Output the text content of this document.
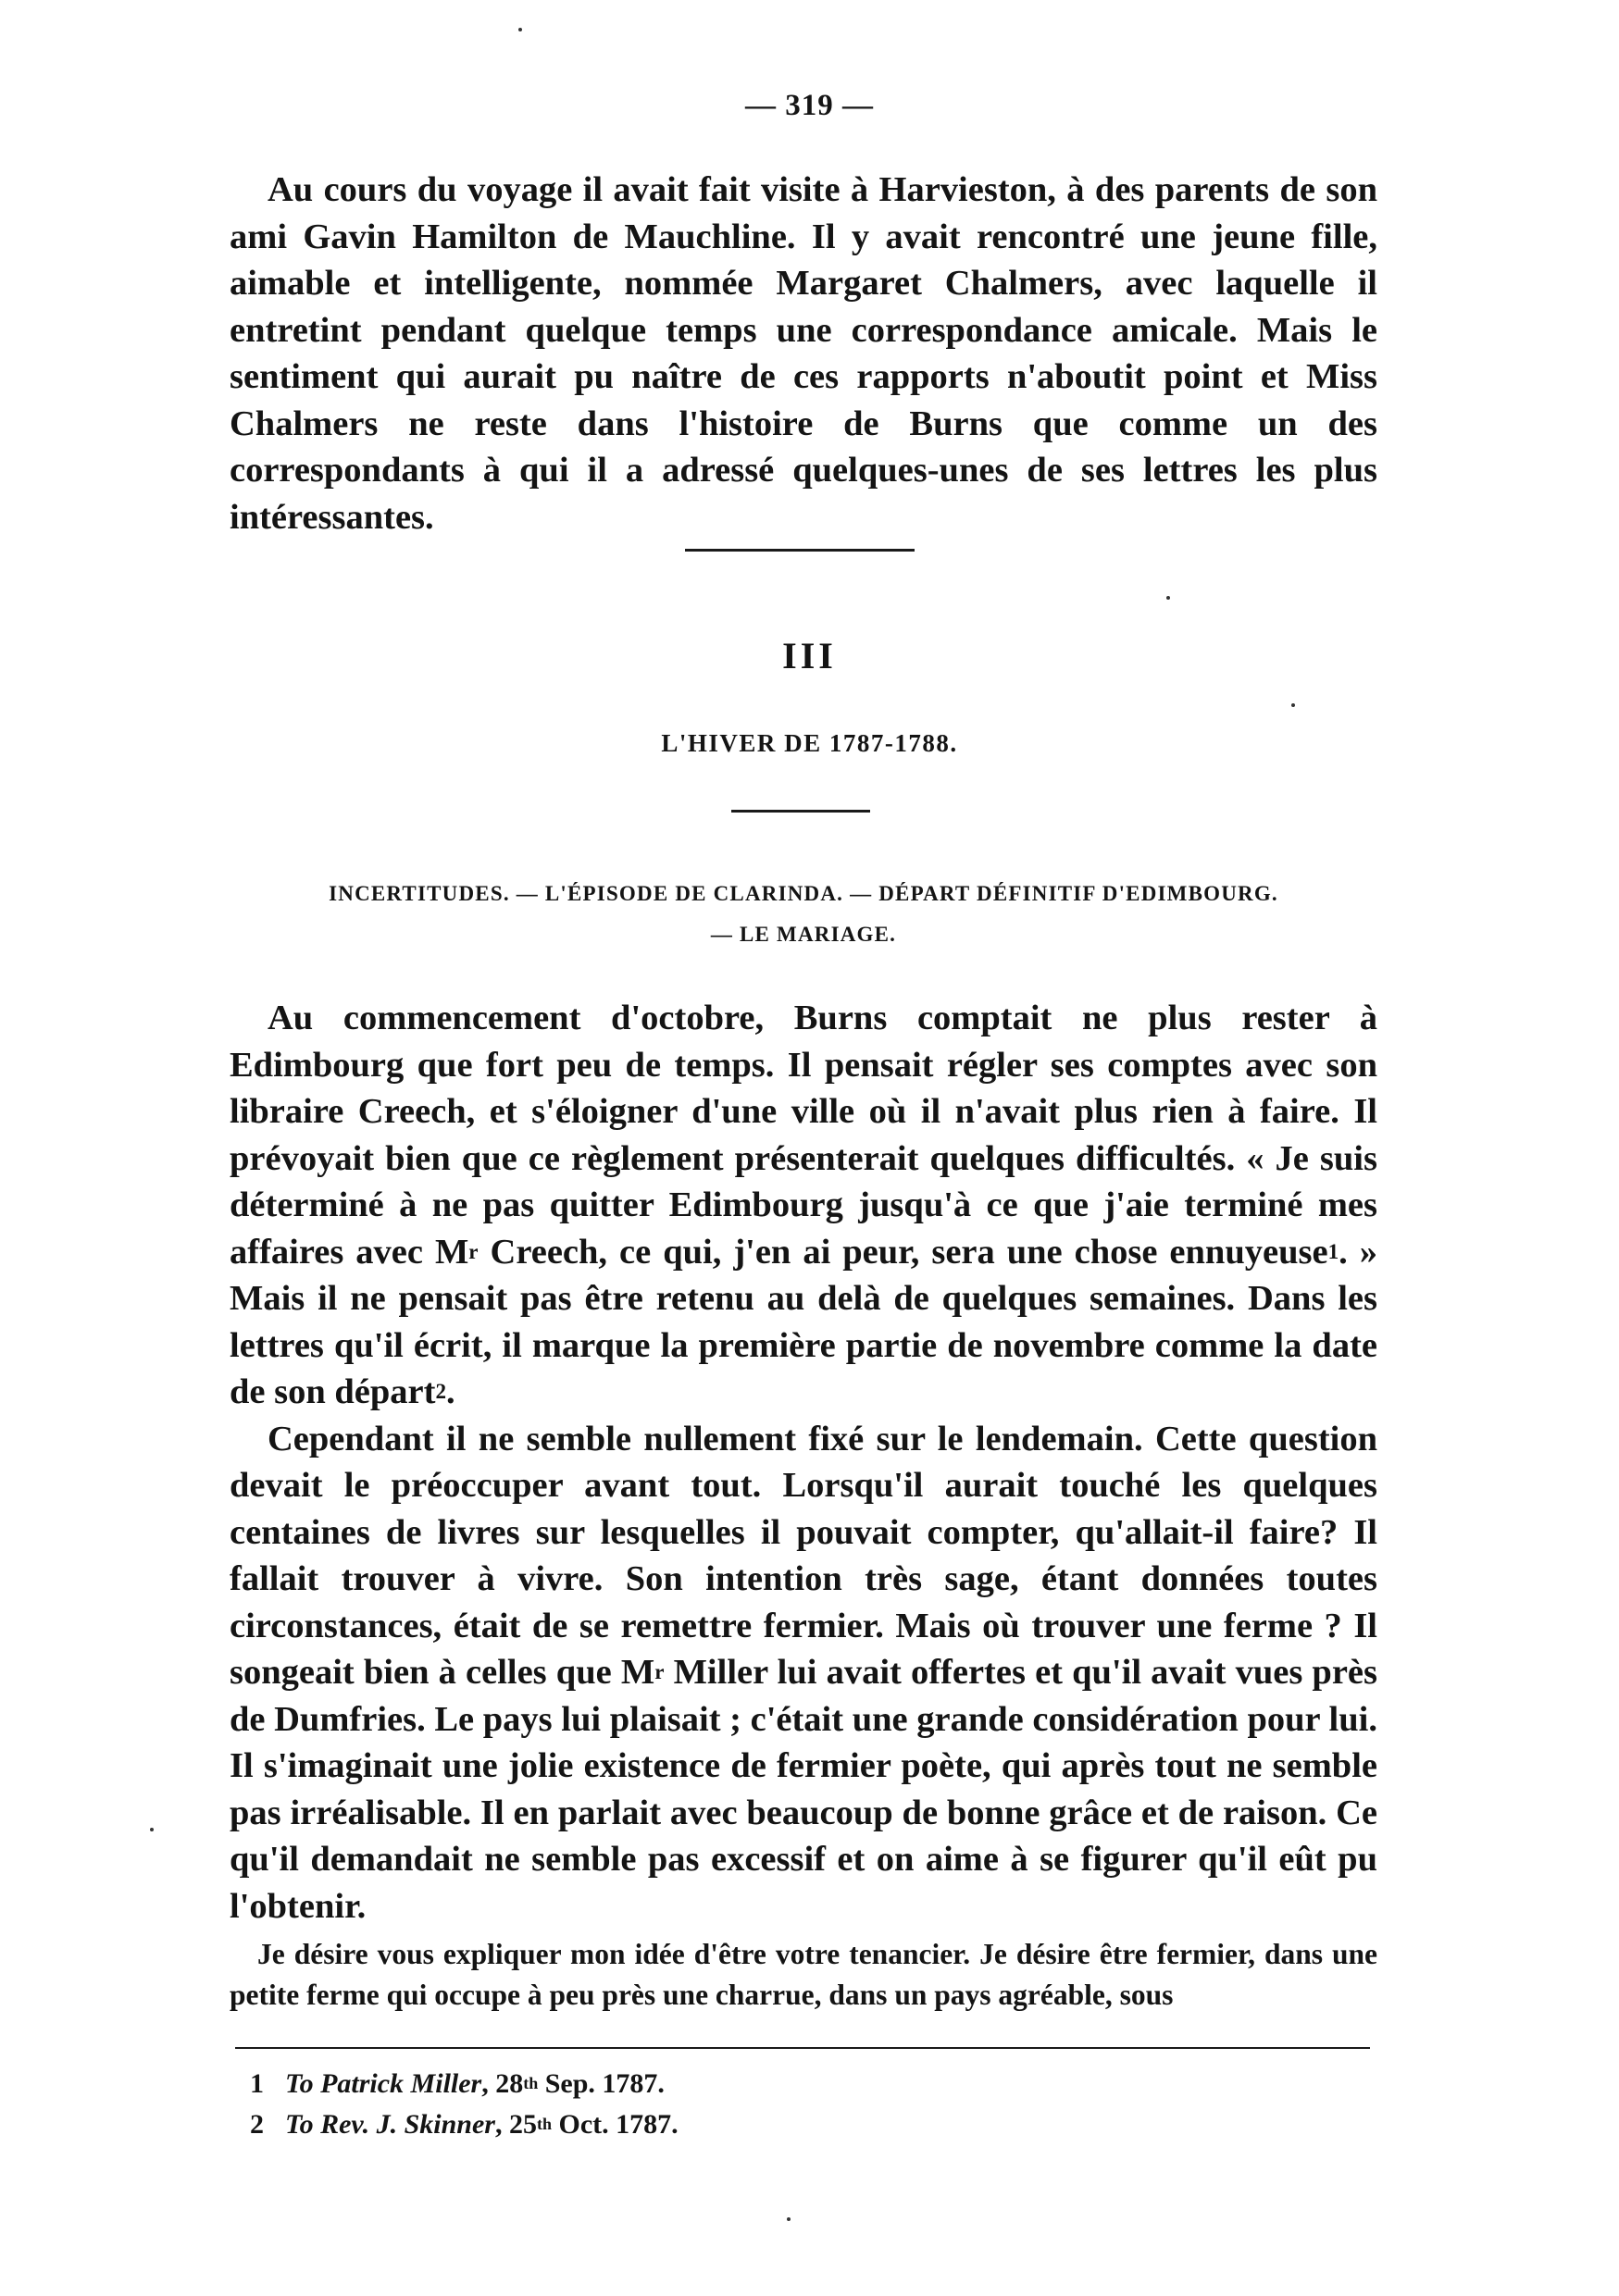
— 319 —

Au cours du voyage il avait fait visite à Harvieston, à des parents de son ami Gavin Hamilton de Mauchline. Il y avait rencontré une jeune fille, aimable et intelligente, nommée Margaret Chalmers, avec laquelle il entretint pendant quelque temps une correspondance amicale. Mais le sentiment qui aurait pu naître de ces rapports n'aboutit point et Miss Chalmers ne reste dans l'histoire de Burns que comme un des correspondants à qui il a adressé quelques-unes de ses lettres les plus intéressantes.

III
L'HIVER DE 1787-1788.
INCERTITUDES. — L'ÉPISODE DE CLARINDA. — DÉPART DÉFINITIF D'EDIMBOURG.
— LE MARIAGE.

Au commencement d'octobre, Burns comptait ne plus rester à Edimbourg que fort peu de temps. Il pensait régler ses comptes avec son libraire Creech, et s'éloigner d'une ville où il n'avait plus rien à faire. Il prévoyait bien que ce règlement présenterait quelques difficultés. « Je suis déterminé à ne pas quitter Edimbourg jusqu'à ce que j'aie terminé mes affaires avec $M^r$ Creech, ce qui, j'en ai peur, sera une chose ennuyeuse$^1$. » Mais il ne pensait pas être retenu au delà de quelques semaines. Dans les lettres qu'il écrit, il marque la première partie de novembre comme la date de son départ$^2$.

Cependant il ne semble nullement fixé sur le lendemain. Cette question devait le préoccuper avant tout. Lorsqu'il aurait touché les quelques centaines de livres sur lesquelles il pouvait compter, qu'allait-il faire? Il fallait trouver à vivre. Son intention très sage, étant données toutes circonstances, était de se remettre fermier. Mais où trouver une ferme ? Il songeait bien à celles que $M^r$ Miller lui avait offertes et qu'il avait vues près de Dumfries. Le pays lui plaisait ; c'était une grande considération pour lui. Il s'imaginait une jolie existence de fermier poète, qui après tout ne semble pas irréalisable. Il en parlait avec beaucoup de bonne grâce et de raison. Ce qu'il demandait ne semble pas excessif et on aime à se figurer qu'il eût pu l'obtenir.

Je désire vous expliquer mon idée d'être votre tenancier. Je désire être fermier, dans une petite ferme qui occupe à peu près une charrue, dans un pays agréable, sous
1 To Patrick Miller, 28th Sep. 1787.
2 To Rev. J. Skinner, 25th Oct. 1787.
